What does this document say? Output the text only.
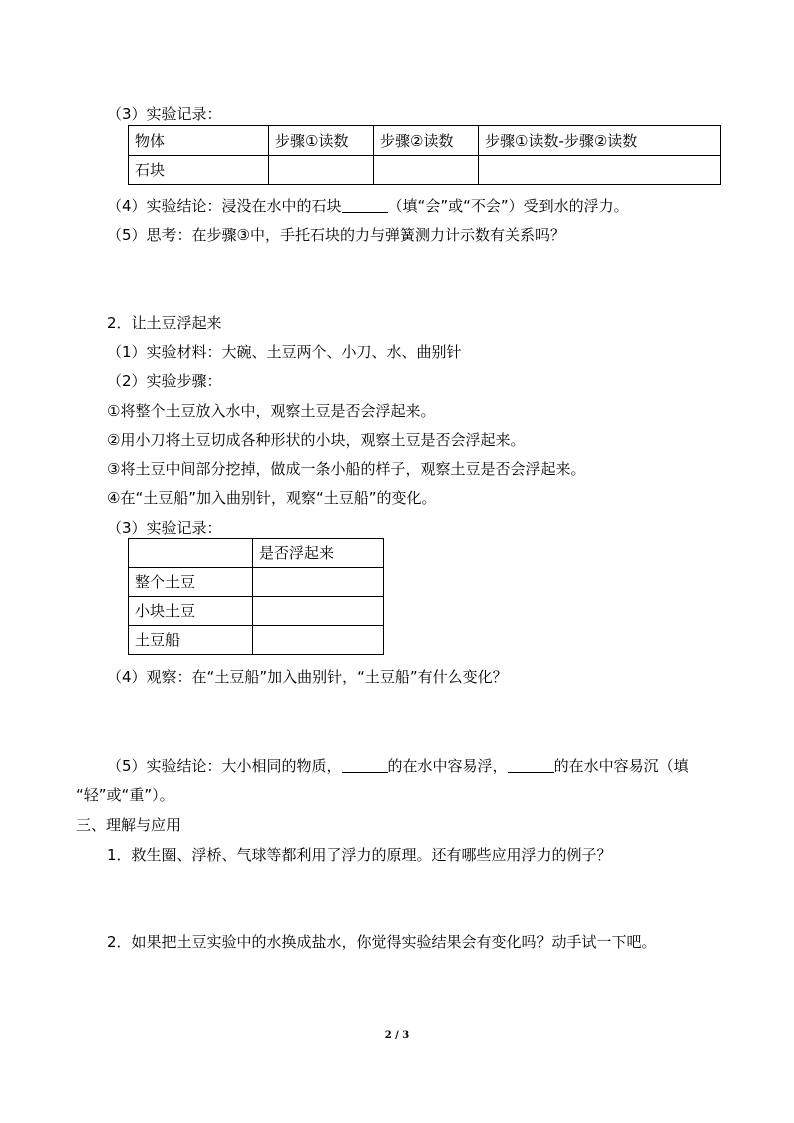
（3）实验记录：
物体	步骤①读数	步骤②读数	步骤①读数-步骤②读数
石块			
（4）实验结论：浸没在水中的石块	（填“会”或“不会”）受到水的浮力。
（5）思考：在步骤③中，手托石块的力与弹簧测力计示数有关系吗？
2．让土豆浮起来
（1）实验材料：大碗、土豆两个、小刀、水、曲别针
（2）实验步骤：
①将整个土豆放入水中，观察土豆是否会浮起来。
②用小刀将土豆切成各种形状的小块，观察土豆是否会浮起来。
③将土豆中间部分挖掉，做成一条小船的样子，观察土豆是否会浮起来。
④在“土豆船”加入曲别针，观察“土豆船”的变化。
（3）实验记录：
	是否浮起来
整个土豆	
小块土豆	
土豆船	
（4）观察：在“土豆船”加入曲别针，“土豆船”有什么变化？
（5）实验结论：大小相同的物质，	的在水中容易浮，	的在水中容易沉（填
“轻”或“重”）。
三、理解与应用
1．救生圈、浮桥、气球等都利用了浮力的原理。还有哪些应用浮力的例子？
2．如果把土豆实验中的水换成盐水，你觉得实验结果会有变化吗？动手试一下吧。
2 / 3
